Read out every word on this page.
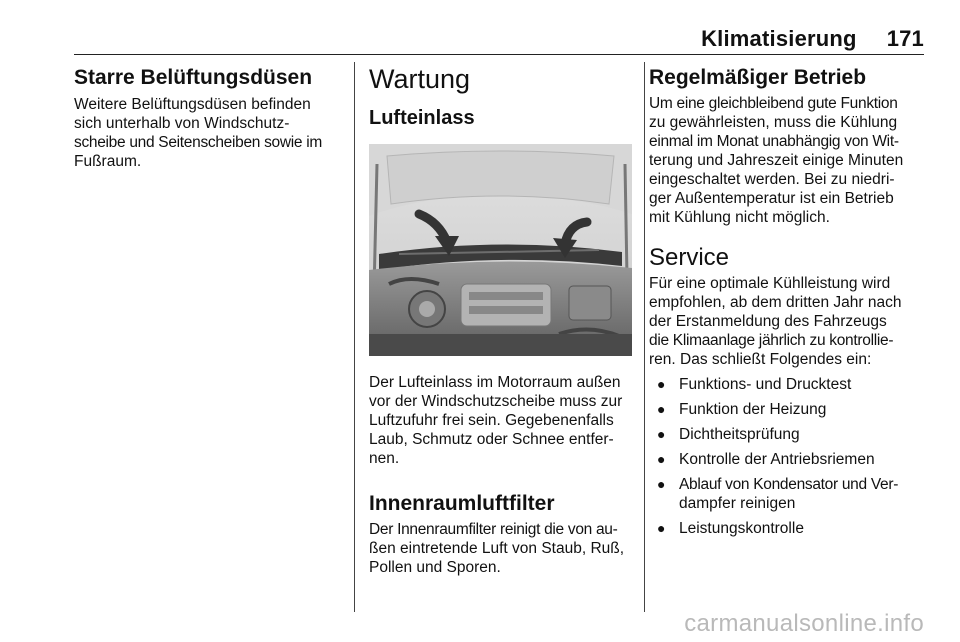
Klimatisierung 171
Starre Belüftungsdüsen

Weitere Belüftungsdüsen befinden

sich unterhalb von Windschutz-

scheibe und Seitenscheiben sowie im

Fußraum.

Wartung
Lufteinlass

Der Lufteinlass im Motorraum außen

vor der Windschutzscheibe muss zur

Luftzufuhr frei sein. Gegebenenfalls

Laub, Schmutz oder Schnee entfer-

nen.

Innenraumluftfilter

Der Innenraumfilter reinigt die von au-

ßen eintretende Luft von Staub, Ruß,

Pollen und Sporen.

Regelmäßiger Betrieb

Um eine gleichbleibend gute Funktion

zu gewährleisten, muss die Kühlung

einmal im Monat unabhängig von Wit-

terung und Jahreszeit einige Minuten

eingeschaltet werden. Bei zu niedri-

ger Außentemperatur ist ein Betrieb

mit Kühlung nicht möglich.

Service

Für eine optimale Kühlleistung wird

empfohlen, ab dem dritten Jahr nach

der Erstanmeldung des Fahrzeugs

die Klimaanlage jährlich zu kontrollie-

ren. Das schließt Folgendes ein:

● Funktions- und Drucktest
● Funktion der Heizung
● Dichtheitsprüfung
● Kontrolle der Antriebsriemen
● Ablauf von Kondensator und Ver-
dampfer reinigen
● Leistungskontrolle
carmanualsonline.info
